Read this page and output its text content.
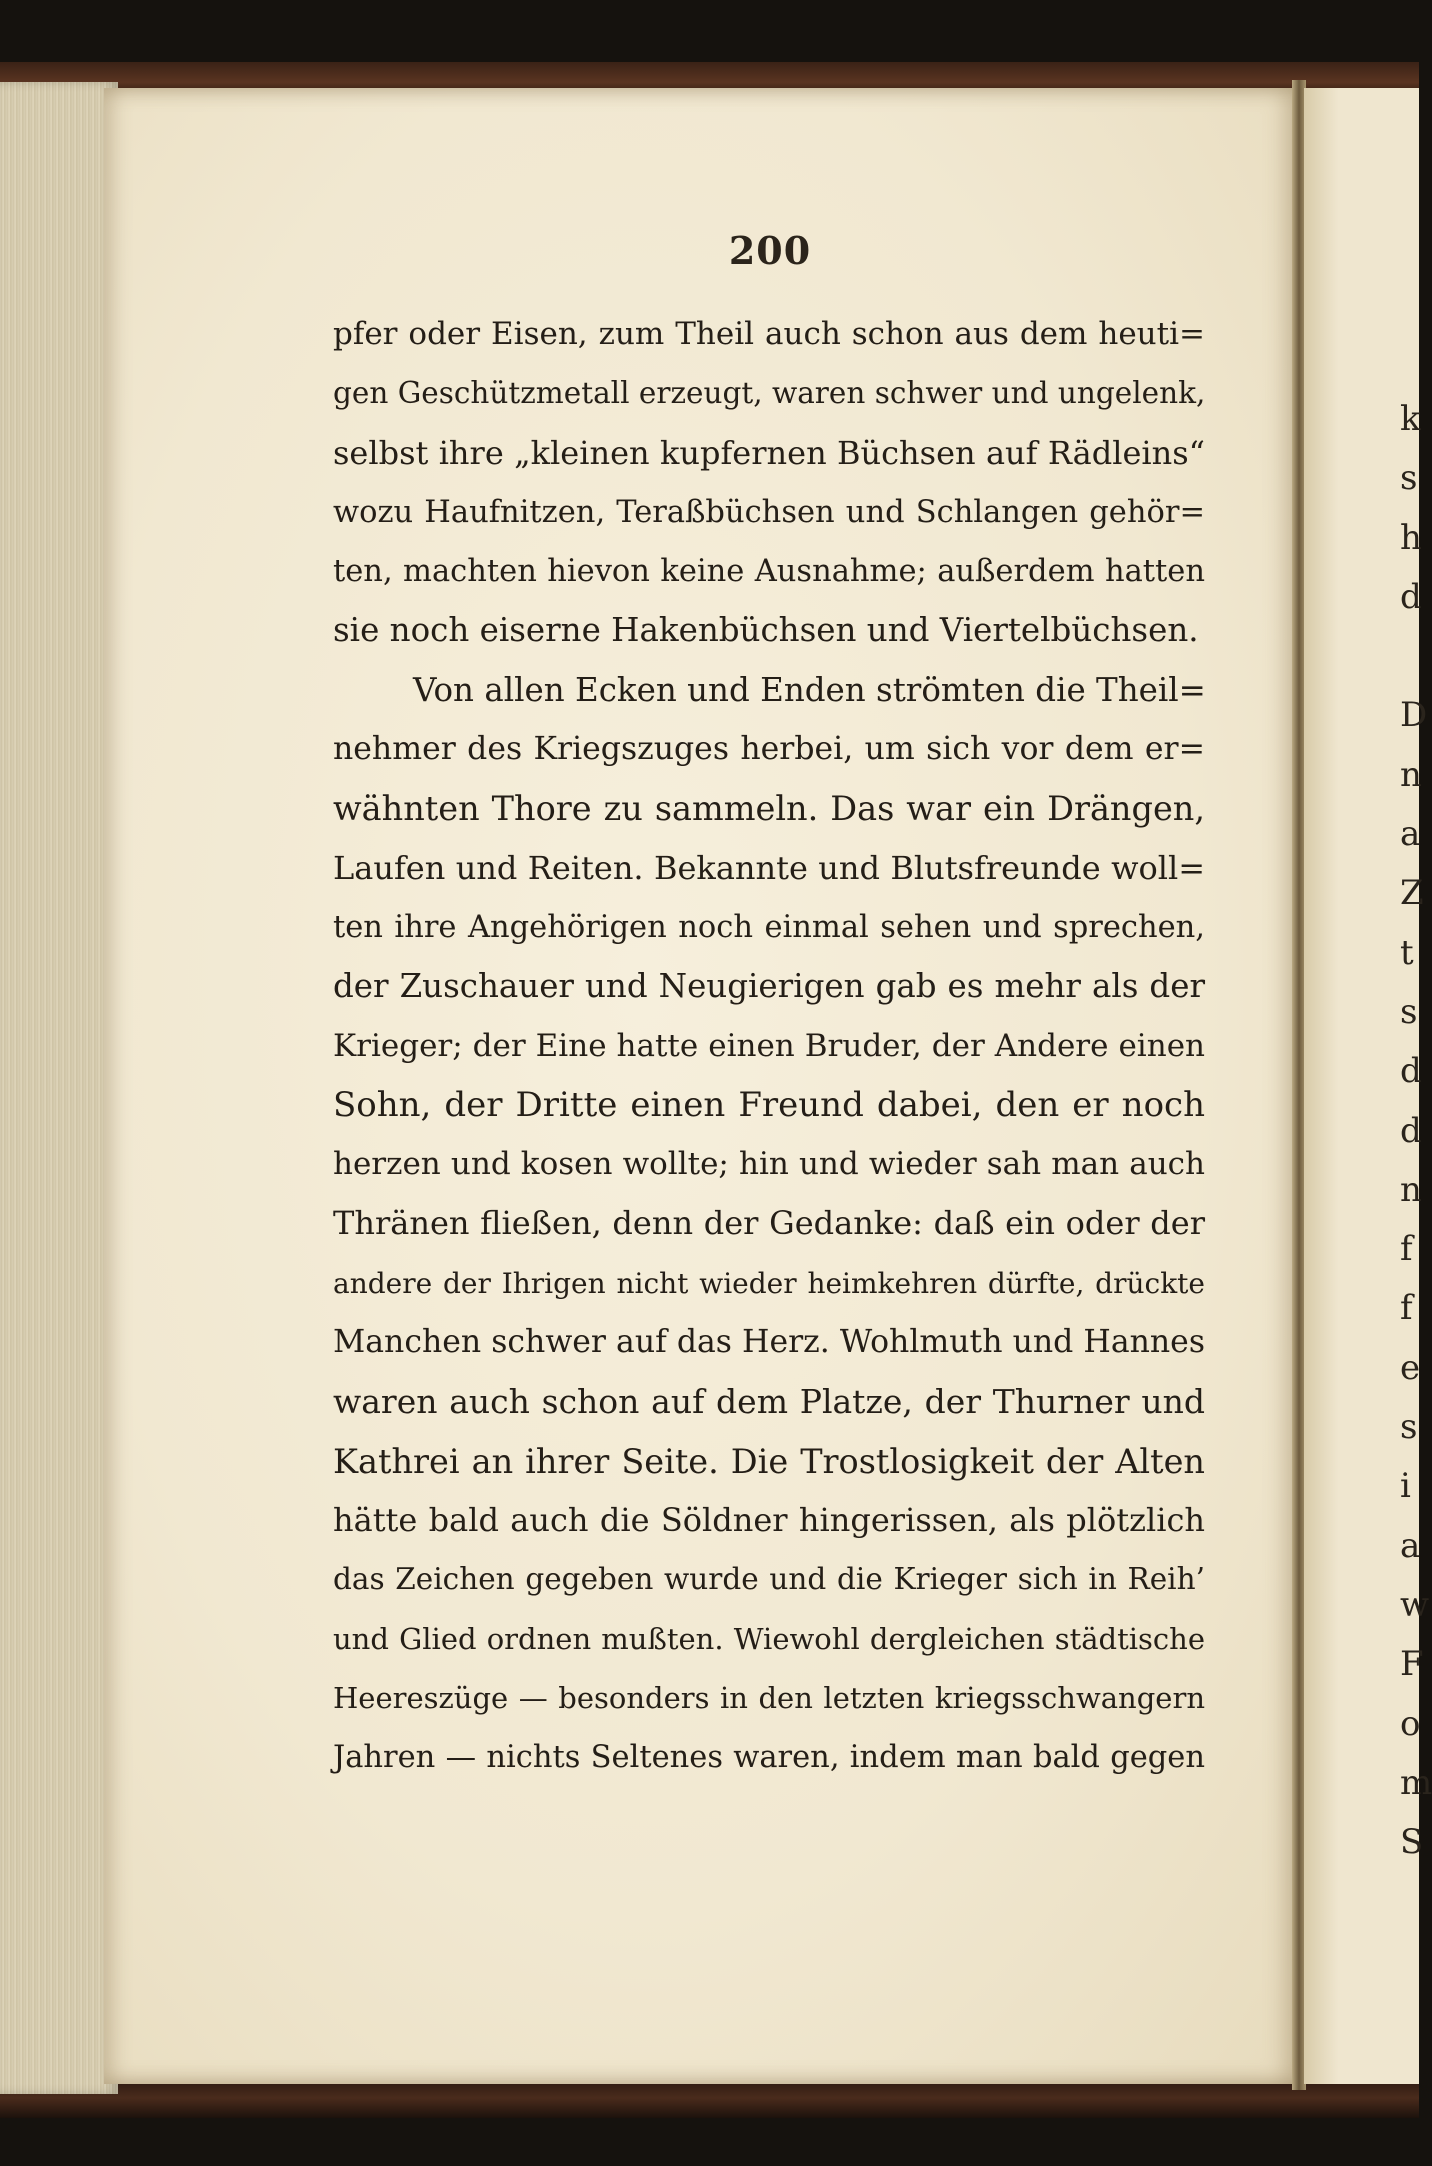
200
pfer oder Eisen, zum Theil auch schon aus dem heuti=
gen Geschützmetall erzeugt, waren schwer und ungelenk,
selbst ihre „kleinen kupfernen Büchsen auf Rädleins“
wozu Haufnitzen, Teraßbüchsen und Schlangen gehör=
ten, machten hievon keine Ausnahme; außerdem hatten
sie noch eiserne Hakenbüchsen und Viertelbüchsen.
Von allen Ecken und Enden strömten die Theil=
nehmer des Kriegszuges herbei, um sich vor dem er=
wähnten Thore zu sammeln. Das war ein Drängen,
Laufen und Reiten. Bekannte und Blutsfreunde woll=
ten ihre Angehörigen noch einmal sehen und sprechen,
der Zuschauer und Neugierigen gab es mehr als der
Krieger; der Eine hatte einen Bruder, der Andere einen
Sohn, der Dritte einen Freund dabei, den er noch
herzen und kosen wollte; hin und wieder sah man auch
Thränen fließen, denn der Gedanke: daß ein oder der
andere der Ihrigen nicht wieder heimkehren dürfte, drückte
Manchen schwer auf das Herz. Wohlmuth und Hannes
waren auch schon auf dem Platze, der Thurner und
Kathrei an ihrer Seite. Die Trostlosigkeit der Alten
hätte bald auch die Söldner hingerissen, als plötzlich
das Zeichen gegeben wurde und die Krieger sich in Reih’
und Glied ordnen mußten. Wiewohl dergleichen städtische
Heereszüge — besonders in den letzten kriegsschwangern
Jahren — nichts Seltenes waren, indem man bald gegen
k
s
h
d
D
n
a
Z
t
s
d
d
n
f
f
e
s
i
a
w
F
o
m
S
